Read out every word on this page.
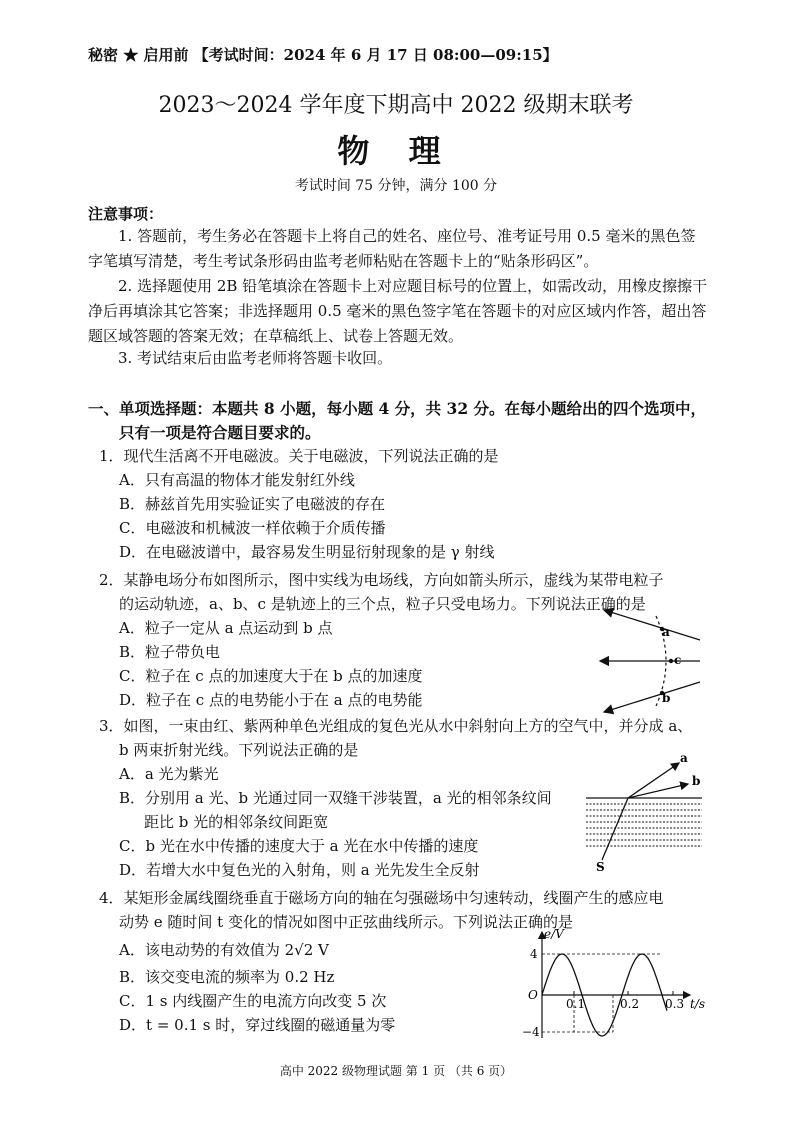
秘密 ★ 启用前 【考试时间：2024 年 6 月 17 日 08:00—09:15】
2023～2024 学年度下期高中 2022 级期末联考
物 理
考试时间 75 分钟，满分 100 分
注意事项：
1. 答题前，考生务必在答题卡上将自己的姓名、座位号、准考证号用 0.5 毫米的黑色签字笔填写清楚，考生考试条形码由监考老师粘贴在答题卡上的“贴条形码区”。
2. 选择题使用 2B 铅笔填涂在答题卡上对应题目标号的位置上，如需改动，用橡皮擦擦干净后再填涂其它答案；非选择题用 0.5 毫米的黑色签字笔在答题卡的对应区域内作答，超出答题区域答题的答案无效；在草稿纸上、试卷上答题无效。
3. 考试结束后由监考老师将答题卡收回。
一、单项选择题：本题共 8 小题，每小题 4 分，共 32 分。在每小题给出的四个选项中，
只有一项是符合题目要求的。
1．现代生活离不开电磁波。关于电磁波，下列说法正确的是
A．只有高温的物体才能发射红外线
B．赫兹首先用实验证实了电磁波的存在
C．电磁波和机械波一样依赖于介质传播
D．在电磁波谱中，最容易发生明显衍射现象的是 γ 射线
2．某静电场分布如图所示，图中实线为电场线，方向如箭头所示，虚线为某带电粒子
的运动轨迹，a、b、c 是轨迹上的三个点，粒子只受电场力。下列说法正确的是
A．粒子一定从 a 点运动到 b 点
B．粒子带负电
C．粒子在 c 点的加速度大于在 b 点的加速度
D．粒子在 c 点的电势能小于在 a 点的电势能
a
c
b
3．如图，一束由红、紫两种单色光组成的复色光从水中斜射向上方的空气中，并分成 a、
b 两束折射光线。下列说法正确的是
A．a 光为紫光
B．分别用 a 光、b 光通过同一双缝干涉装置，a 光的相邻条纹间
距比 b 光的相邻条纹间距宽
C．b 光在水中传播的速度大于 a 光在水中传播的速度
D．若增大水中复色光的入射角，则 a 光先发生全反射
a
b
S
4．某矩形金属线圈绕垂直于磁场方向的轴在匀强磁场中匀速转动，线圈产生的感应电
动势 e 随时间 t 变化的情况如图中正弦曲线所示。下列说法正确的是
A．该电动势的有效值为 2√2 V
B．该交变电流的频率为 0.2 Hz
C．1 s 内线圈产生的电流方向改变 5 次
D．t = 0.1 s 时，穿过线圈的磁通量为零
e/V
t/s
O
4
−4
0.1	0.2 0.3
高中 2022 级物理试题 第 1 页 （共 6 页）
